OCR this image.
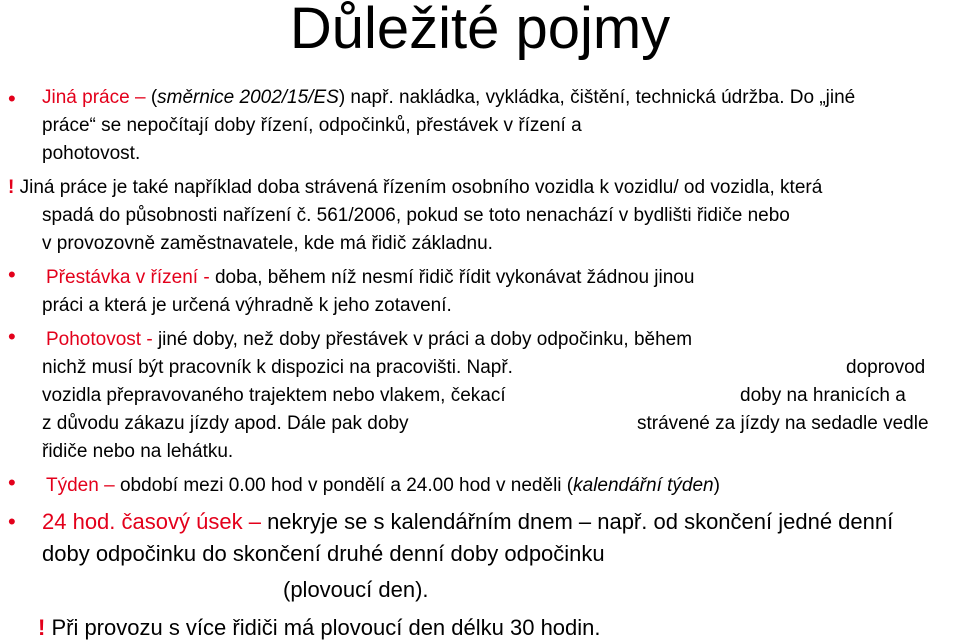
Důležité pojmy
• Jiná práce – (směrnice 2002/15/ES) např. nakládka, vykládka, čištění, technická údržba. Do „jiné
práce“ se nepočítají doby řízení, odpočinků, přestávek v řízení a
pohotovost.
! Jiná práce je také například doba strávená řízením osobního vozidla k vozidlu/ od vozidla, která
spadá do působnosti nařízení č. 561/2006, pokud se toto nenachází v bydlišti řidiče nebo
v provozovně zaměstnavatele, kde má řidič základnu.
• Přestávka v řízení - doba, během níž nesmí řidič řídit vykonávat žádnou jinou
práci a která je určená výhradně k jeho zotavení.
• Pohotovost - jiné doby, než doby přestávek v práci a doby odpočinku, během
nichž musí být pracovník k dispozici na pracovišti. Např.	doprovod
vozidla přepravovaného trajektem nebo vlakem, čekací	doby na hranicích a
z důvodu zákazu jízdy apod. Dále pak doby	strávené za jízdy na sedadle vedle
řidiče nebo na lehátku.
• Týden – období mezi 0.00 hod v pondělí a 24.00 hod v neděli (kalendářní týden)
• 24 hod. časový úsek – nekryje se s kalendářním dnem – např. od skončení jedné denní
doby odpočinku do skončení druhé denní doby odpočinku
(plovoucí den).
! Při provozu s více řidiči má plovoucí den délku 30 hodin.
